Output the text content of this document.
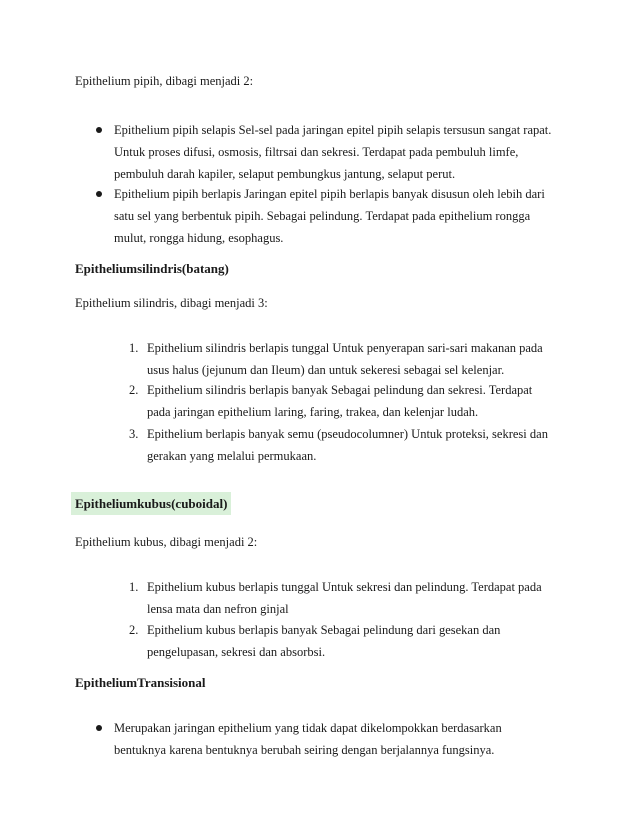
Epithelium pipih, dibagi menjadi 2:
Epithelium pipih selapis Sel-sel pada jaringan epitel pipih selapis tersusun sangat rapat.
Untuk proses difusi, osmosis, filtrsai dan sekresi. Terdapat pada pembuluh limfe,
pembuluh darah kapiler, selaput pembungkus jantung, selaput perut.
Epithelium pipih berlapis Jaringan epitel pipih berlapis banyak disusun oleh lebih dari
satu sel yang berbentuk pipih. Sebagai pelindung. Terdapat pada epithelium rongga
mulut, rongga hidung, esophagus.
Epitheliumsilindris(batang)
Epithelium silindris, dibagi menjadi 3:
1. Epithelium silindris berlapis tunggal Untuk penyerapan sari-sari makanan pada
usus halus (jejunum dan Ileum) dan untuk sekeresi sebagai sel kelenjar.
2. Epithelium silindris berlapis banyak Sebagai pelindung dan sekresi. Terdapat
pada jaringan epithelium laring, faring, trakea, dan kelenjar ludah.
3. Epithelium berlapis banyak semu (pseudocolumner) Untuk proteksi, sekresi dan
gerakan yang melalui permukaan.
Epitheliumkubus(cuboidal)
Epithelium kubus, dibagi menjadi 2:
1. Epithelium kubus berlapis tunggal Untuk sekresi dan pelindung. Terdapat pada
lensa mata dan nefron ginjal
2. Epithelium kubus berlapis banyak Sebagai pelindung dari gesekan dan
pengelupasan, sekresi dan absorbsi.
EpitheliumTransisional
Merupakan jaringan epithelium yang tidak dapat dikelompokkan berdasarkan
bentuknya karena bentuknya berubah seiring dengan berjalannya fungsinya.
